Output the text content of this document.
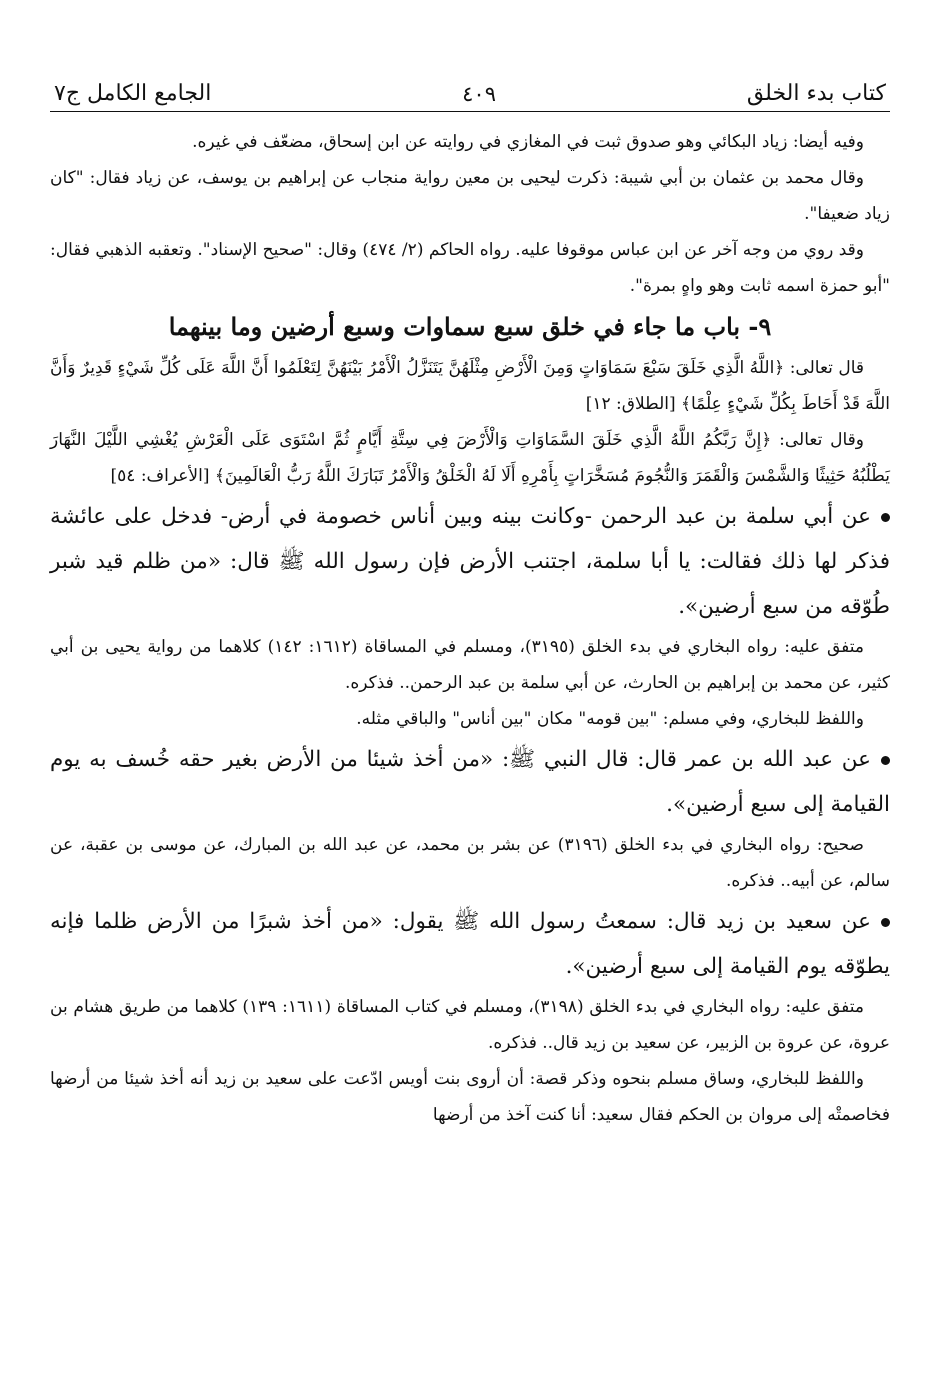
كتاب بدء الخلق
٤٠٩
الجامع الكامل ج٧

وفيه أيضا: زياد البكائي وهو صدوق ثبت في المغازي في روايته عن ابن إسحاق، مضعّف في غيره.

وقال محمد بن عثمان بن أبي شيبة: ذكرت ليحيى بن معين رواية منجاب عن إبراهيم بن يوسف، عن زياد فقال: "كان زياد ضعيفا".

وقد روي من وجه آخر عن ابن عباس موقوفا عليه. رواه الحاكم (٢/ ٤٧٤) وقال: "صحيح الإسناد". وتعقبه الذهبي فقال: "أبو حمزة اسمه ثابت وهو واهٍ بمرة".

٩- باب ما جاء في خلق سبع سماوات وسبع أرضين وما بينهما

قال تعالى: ﴿اللَّهُ الَّذِي خَلَقَ سَبْعَ سَمَاوَاتٍ وَمِنَ الْأَرْضِ مِثْلَهُنَّ يَتَنَزَّلُ الْأَمْرُ بَيْنَهُنَّ لِتَعْلَمُوا أَنَّ اللَّهَ عَلَى كُلِّ شَيْءٍ قَدِيرٌ وَأَنَّ اللَّهَ قَدْ أَحَاطَ بِكُلِّ شَيْءٍ عِلْمًا﴾ [الطلاق: ١٢]

وقال تعالى: ﴿إِنَّ رَبَّكُمُ اللَّهُ الَّذِي خَلَقَ السَّمَاوَاتِ وَالْأَرْضَ فِي سِتَّةِ أَيَّامٍ ثُمَّ اسْتَوَى عَلَى الْعَرْشِ يُغْشِي اللَّيْلَ النَّهَارَ يَطْلُبُهُ حَثِيثًا وَالشَّمْسَ وَالْقَمَرَ وَالنُّجُومَ مُسَخَّرَاتٍ بِأَمْرِهِ أَلَا لَهُ الْخَلْقُ وَالْأَمْرُ تَبَارَكَ اللَّهُ رَبُّ الْعَالَمِينَ﴾ [الأعراف: ٥٤]

عن أبي سلمة بن عبد الرحمن -وكانت بينه وبين أناس خصومة في أرض- فدخل على عائشة فذكر لها ذلك فقالت: يا أبا سلمة، اجتنب الأرض فإن رسول الله ﷺ قال: «من ظلم قيد شبر طُوّقه من سبع أرضين».

متفق عليه: رواه البخاري في بدء الخلق (٣١٩٥)، ومسلم في المساقاة (١٦١٢: ١٤٢) كلاهما من رواية يحيى بن أبي كثير، عن محمد بن إبراهيم بن الحارث، عن أبي سلمة بن عبد الرحمن.. فذكره.

واللفظ للبخاري، وفي مسلم: "بين قومه" مكان "بين أناس" والباقي مثله.

عن عبد الله بن عمر قال: قال النبي ﷺ: «من أخذ شيئا من الأرض بغير حقه خُسف به يوم القيامة إلى سبع أرضين».

صحيح: رواه البخاري في بدء الخلق (٣١٩٦) عن بشر بن محمد، عن عبد الله بن المبارك، عن موسى بن عقبة، عن سالم، عن أبيه.. فذكره.

عن سعيد بن زيد قال: سمعتُ رسول الله ﷺ يقول: «من أخذ شبرًا من الأرض ظلما فإنه يطوّقه يوم القيامة إلى سبع أرضين».

متفق عليه: رواه البخاري في بدء الخلق (٣١٩٨)، ومسلم في كتاب المساقاة (١٦١١: ١٣٩) كلاهما من طريق هشام بن عروة، عن عروة بن الزبير، عن سعيد بن زيد قال.. فذكره.

واللفظ للبخاري، وساق مسلم بنحوه وذكر قصة: أن أروى بنت أويس ادّعت على سعيد بن زيد أنه أخذ شيئا من أرضها فخاصمتْه إلى مروان بن الحكم فقال سعيد: أنا كنت آخذ من أرضها
